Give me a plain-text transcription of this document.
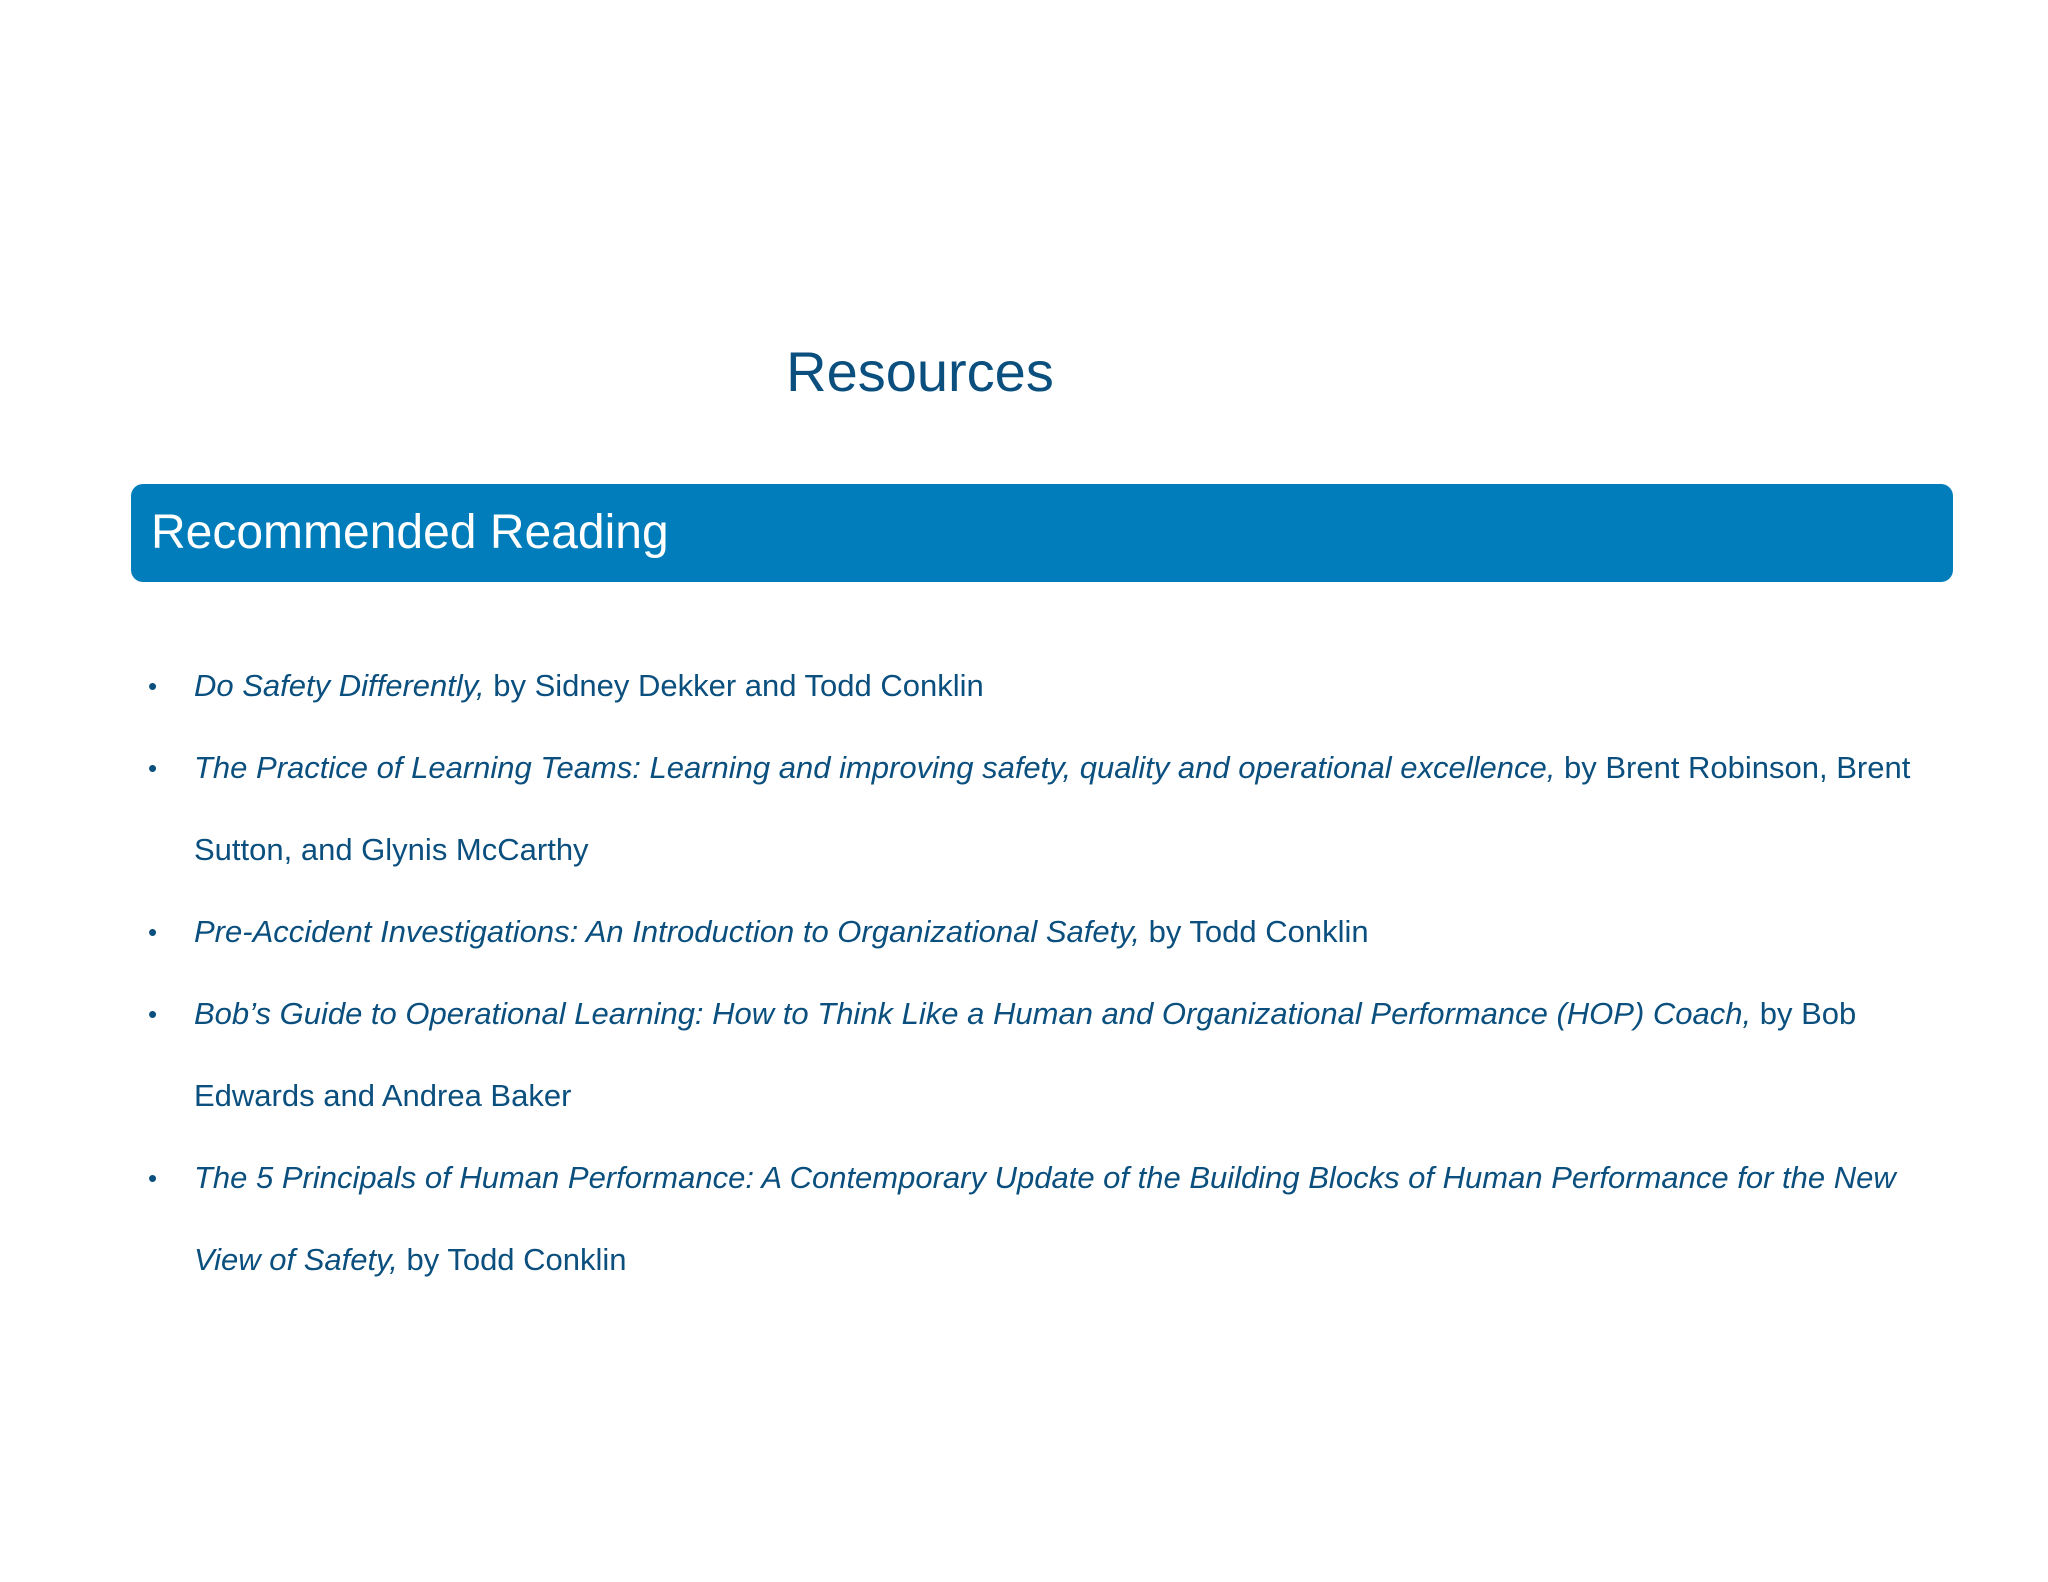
Resources
Recommended Reading
• Do Safety Differently, by Sidney Dekker and Todd Conklin
• The Practice of Learning Teams: Learning and improving safety, quality and operational excellence, by Brent Robinson, Brent Sutton, and Glynis McCarthy
• Pre-Accident Investigations: An Introduction to Organizational Safety, by Todd Conklin
• Bob’s Guide to Operational Learning: How to Think Like a Human and Organizational Performance (HOP) Coach, by Bob Edwards and Andrea Baker
• The 5 Principals of Human Performance: A Contemporary Update of the Building Blocks of Human Performance for the New View of Safety, by Todd Conklin
